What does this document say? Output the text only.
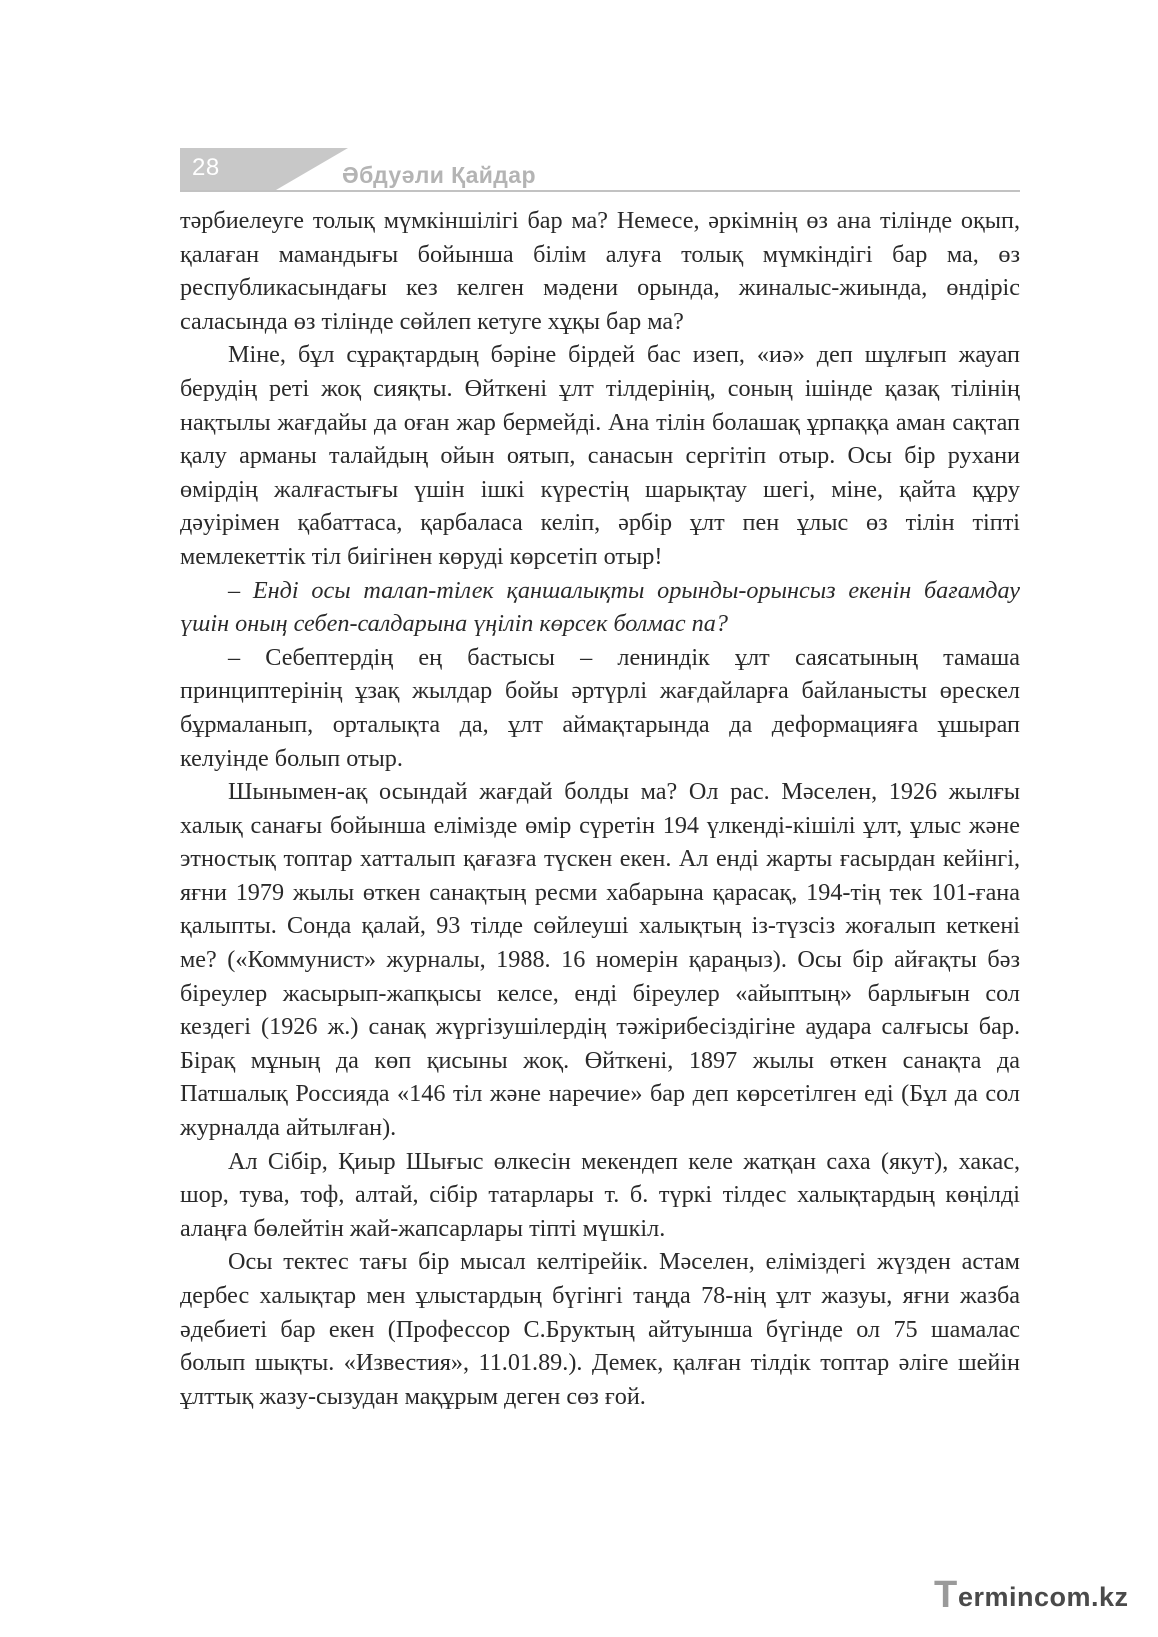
28	Әбдуәли Қайдар

тәрбиелеуге толық мүмкіншілігі бар ма? Немесе, әркімнің өз ана тілінде оқып, қалаған мамандығы бойынша білім алуға толық мүмкіндігі бар ма, өз республикасындағы кез келген мәдени орында, жиналыс-жиында, өндіріс саласында өз тілінде сөйлеп кетуге хұқы бар ма?

Міне, бұл сұрақтардың бәріне бірдей бас изеп, «иә» деп шұлғып жауап берудің реті жоқ сияқты. Өйткені ұлт тілдерінің, соның ішінде қазақ тілінің нақтылы жағдайы да оған жар бермейді. Ана тілін болашақ ұрпаққа аман сақтап қалу арманы талайдың ойын оятып, санасын сергітіп отыр. Осы бір рухани өмірдің жалғастығы үшін ішкі күрестің шарықтау шегі, міне, қайта құру дәуірімен қабаттаса, қарбаласа келіп, әрбір ұлт пен ұлыс өз тілін тіпті мемлекеттік тіл биігінен көруді көрсетіп отыр!

– Енді осы талап-тілек қаншалықты орынды-орынсыз екенін бағамдау үшін оның себеп-салдарына үңіліп көрсек болмас па?

– Себептердің ең бастысы – лениндік ұлт саясатының тамаша принциптерінің ұзақ жылдар бойы әртүрлі жағдайларға байланысты өрескел бұрмаланып, орталықта да, ұлт аймақтарында да деформацияға ұшырап келуінде болып отыр.

Шынымен-ақ осындай жағдай болды ма? Ол рас. Мәселен, 1926 жылғы халық санағы бойынша елімізде өмір сүретін 194 үлкенді-кішілі ұлт, ұлыс және этностық топтар хатталып қағазға түскен екен. Ал енді жарты ғасырдан кейінгі, яғни 1979 жылы өткен санақтың ресми хабарына қарасақ, 194-тің тек 101-ғана қалыпты. Сонда қалай, 93 тілде сөйлеуші халықтың із-түзсіз жоғалып кеткені ме? («Коммунист» журналы, 1988. 16 номерін қараңыз). Осы бір айғақты бәз біреулер жасырып-жапқысы келсе, енді біреулер «айыптың» барлығын сол кездегі (1926 ж.) санақ жүргізушілердің тәжірибесіздігіне аудара салғысы бар. Бірақ мұның да көп қисыны жоқ. Өйткені, 1897 жылы өткен санақта да Патшалық Россияда «146 тіл және наречие» бар деп көрсетілген еді (Бұл да сол журналда айтылған).

Ал Сібір, Қиыр Шығыс өлкесін мекендеп келе жатқан саха (якут), хакас, шор, тува, тоф, алтай, сібір татарлары т. б. түркі тілдес халықтардың көңілді алаңға бөлейтін жай-жапсарлары тіпті мүшкіл.

Осы тектес тағы бір мысал келтірейік. Мәселен, еліміздегі жүзден астам дербес халықтар мен ұлыстардың бүгінгі таңда 78-нің ұлт жазуы, яғни жазба әдебиеті бар екен (Профессор С.Бруктың айтуынша бүгінде ол 75 шамалас болып шықты. «Известия», 11.01.89.). Демек, қалған тілдік топтар әліге шейін ұлттық жазу-сызудан мақұрым деген сөз ғой.

T ermincom.kz
